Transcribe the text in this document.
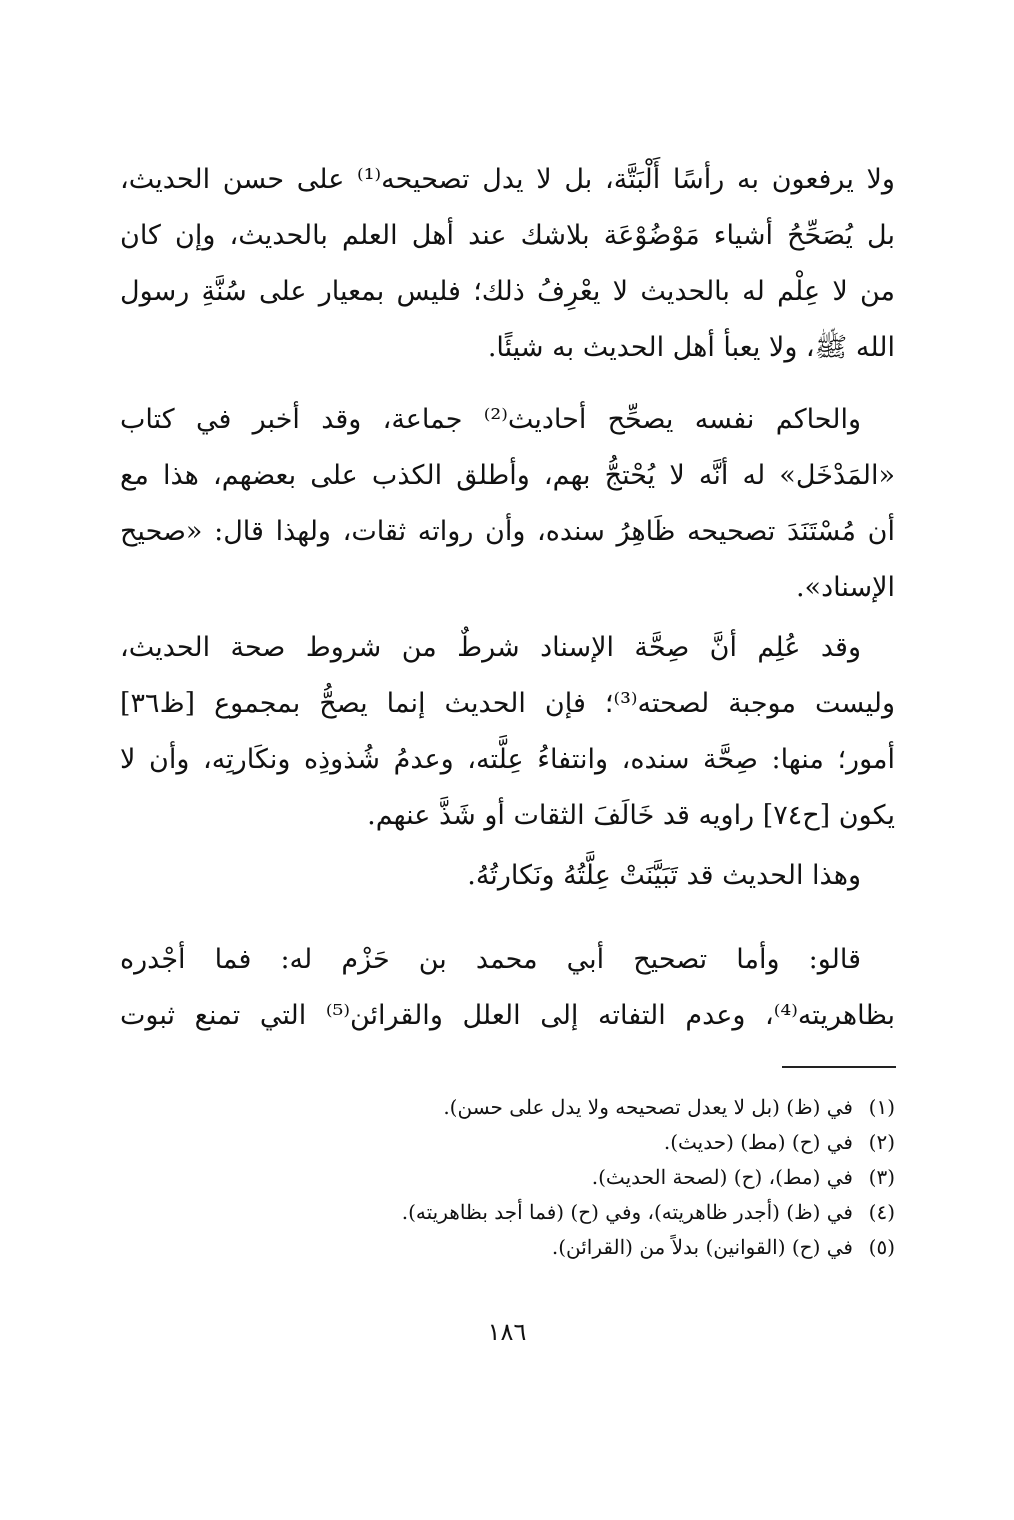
ولا يرفعون به رأسًا أَلْبَتَّة، بل لا يدل تصحيحه⁽¹⁾ على حسن الحديث،
بل يُصَحِّحُ أشياء مَوْضُوْعَة بلاشك عند أهل العلم بالحديث، وإن كان
من لا عِلْم له بالحديث لا يعْرِفُ ذلك؛ فليس بمعيار على سُنَّةِ رسول
الله ﷺ، ولا يعبأ أهل الحديث به شيئًا.
والحاكم نفسه يصحِّح أحاديث⁽²⁾ جماعة، وقد أخبر في كتاب
«المَدْخَل» له أنَّه لا يُحْتجُّ بهم، وأطلق الكذب على بعضهم، هذا مع
أن مُسْتَنَدَ تصحيحه ظَاهِرُ سنده، وأن رواته ثقات، ولهذا قال: «صحيح
الإسناد».
وقد عُلِم أنَّ صِحَّة الإسناد شرطٌ من شروط صحة الحديث،
وليست موجبة لصحته⁽³⁾؛ فإن الحديث إنما يصحُّ بمجموع [ظ٣٦]
أمور؛ منها: صِحَّة سنده، وانتفاءُ عِلَّته، وعدمُ شُذوذِه ونكَارتِه، وأن لا
يكون [ح٧٤] راويه قد خَالَفَ الثقات أو شَذَّ عنهم.
وهذا الحديث قد تَبَيَّنَتْ عِلَّتُهُ ونَكارتُهُ.
قالو: وأما تصحيح أبي محمد بن حَزْم له: فما أجْدره
بظاهريته⁽⁴⁾، وعدم التفاته إلى العلل والقرائن⁽⁵⁾ التي تمنع ثبوت
(١)
في (ظ) (بل لا يعدل تصحيحه ولا يدل على حسن).
(٢)
في (ح) (مط) (حديث).
(٣)
في (مط)، (ح) (لصحة الحديث).
(٤)
في (ظ) (أجدر ظاهريته)، وفي (ح) (فما أجد بظاهريته).
(٥)
في (ح) (القوانين) بدلاً من (القرائن).
١٨٦
